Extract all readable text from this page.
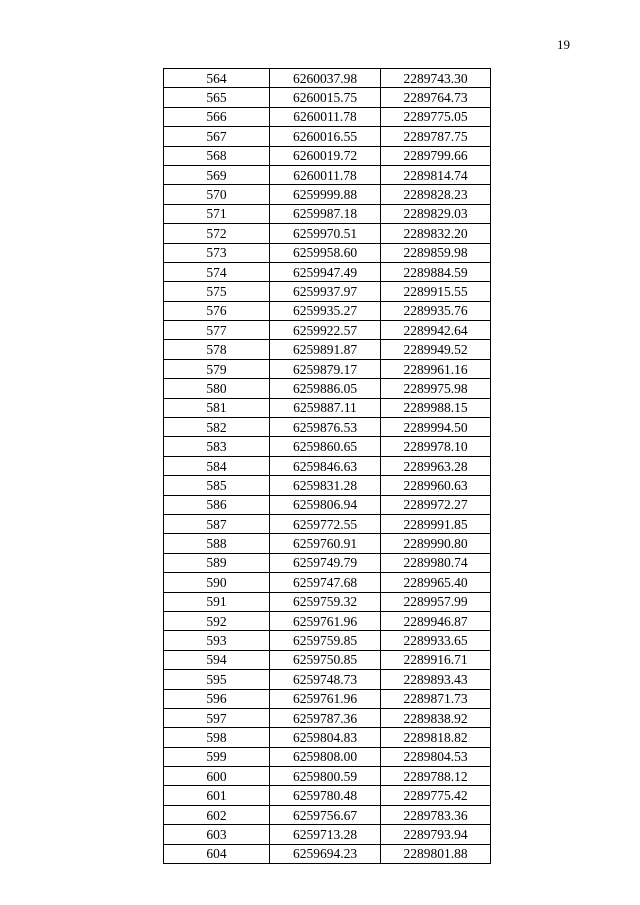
19
564	6260037.98	2289743.30
565	6260015.75	2289764.73
566	6260011.78	2289775.05
567	6260016.55	2289787.75
568	6260019.72	2289799.66
569	6260011.78	2289814.74
570	6259999.88	2289828.23
571	6259987.18	2289829.03
572	6259970.51	2289832.20
573	6259958.60	2289859.98
574	6259947.49	2289884.59
575	6259937.97	2289915.55
576	6259935.27	2289935.76
577	6259922.57	2289942.64
578	6259891.87	2289949.52
579	6259879.17	2289961.16
580	6259886.05	2289975.98
581	6259887.11	2289988.15
582	6259876.53	2289994.50
583	6259860.65	2289978.10
584	6259846.63	2289963.28
585	6259831.28	2289960.63
586	6259806.94	2289972.27
587	6259772.55	2289991.85
588	6259760.91	2289990.80
589	6259749.79	2289980.74
590	6259747.68	2289965.40
591	6259759.32	2289957.99
592	6259761.96	2289946.87
593	6259759.85	2289933.65
594	6259750.85	2289916.71
595	6259748.73	2289893.43
596	6259761.96	2289871.73
597	6259787.36	2289838.92
598	6259804.83	2289818.82
599	6259808.00	2289804.53
600	6259800.59	2289788.12
601	6259780.48	2289775.42
602	6259756.67	2289783.36
603	6259713.28	2289793.94
604	6259694.23	2289801.88
